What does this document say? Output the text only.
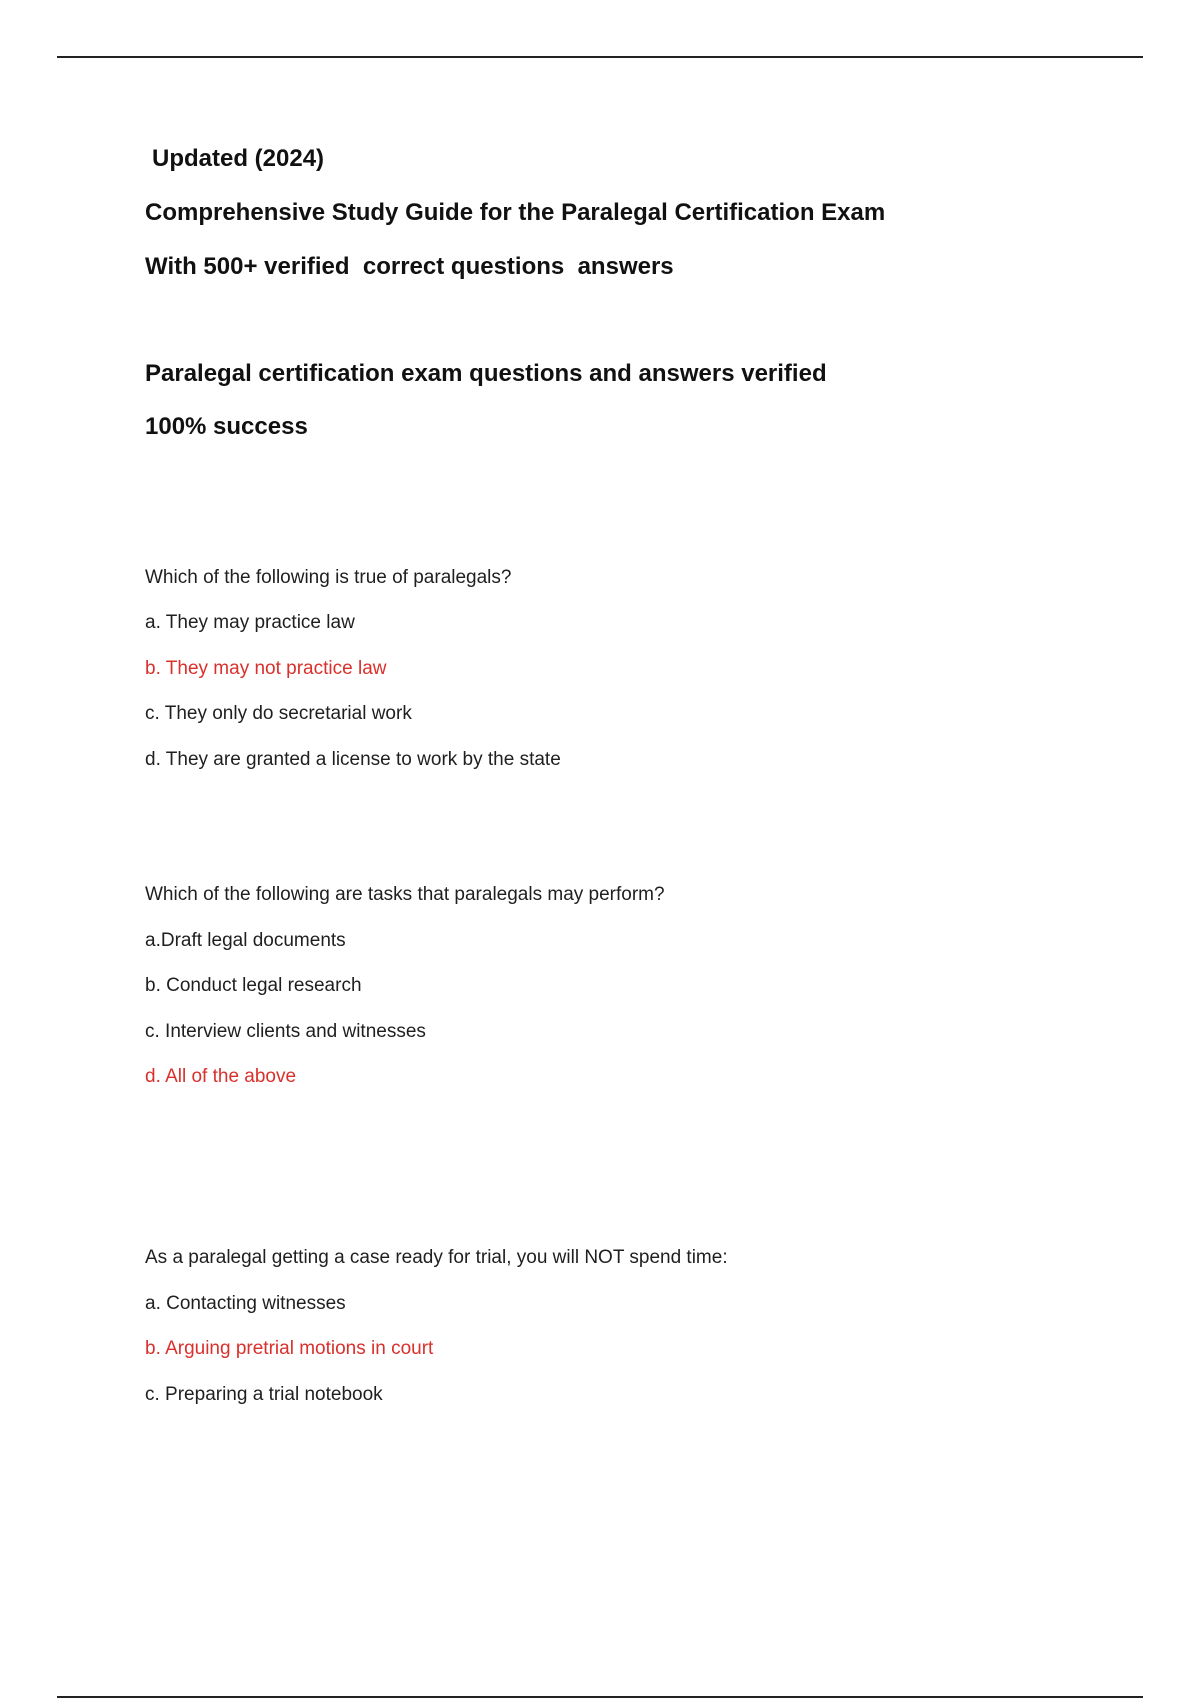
Updated (2024)
Comprehensive Study Guide for the Paralegal Certification Exam
With 500+ verified  correct questions  answers
Paralegal certification exam questions and answers verified
100% success
Which of the following is true of paralegals?
a. They may practice law
b. They may not practice law
c. They only do secretarial work
d. They are granted a license to work by the state
Which of the following are tasks that paralegals may perform?
a.Draft legal documents
b. Conduct legal research
c. Interview clients and witnesses
d. All of the above
As a paralegal getting a case ready for trial, you will NOT spend time:
a. Contacting witnesses
b. Arguing pretrial motions in court
c. Preparing a trial notebook
